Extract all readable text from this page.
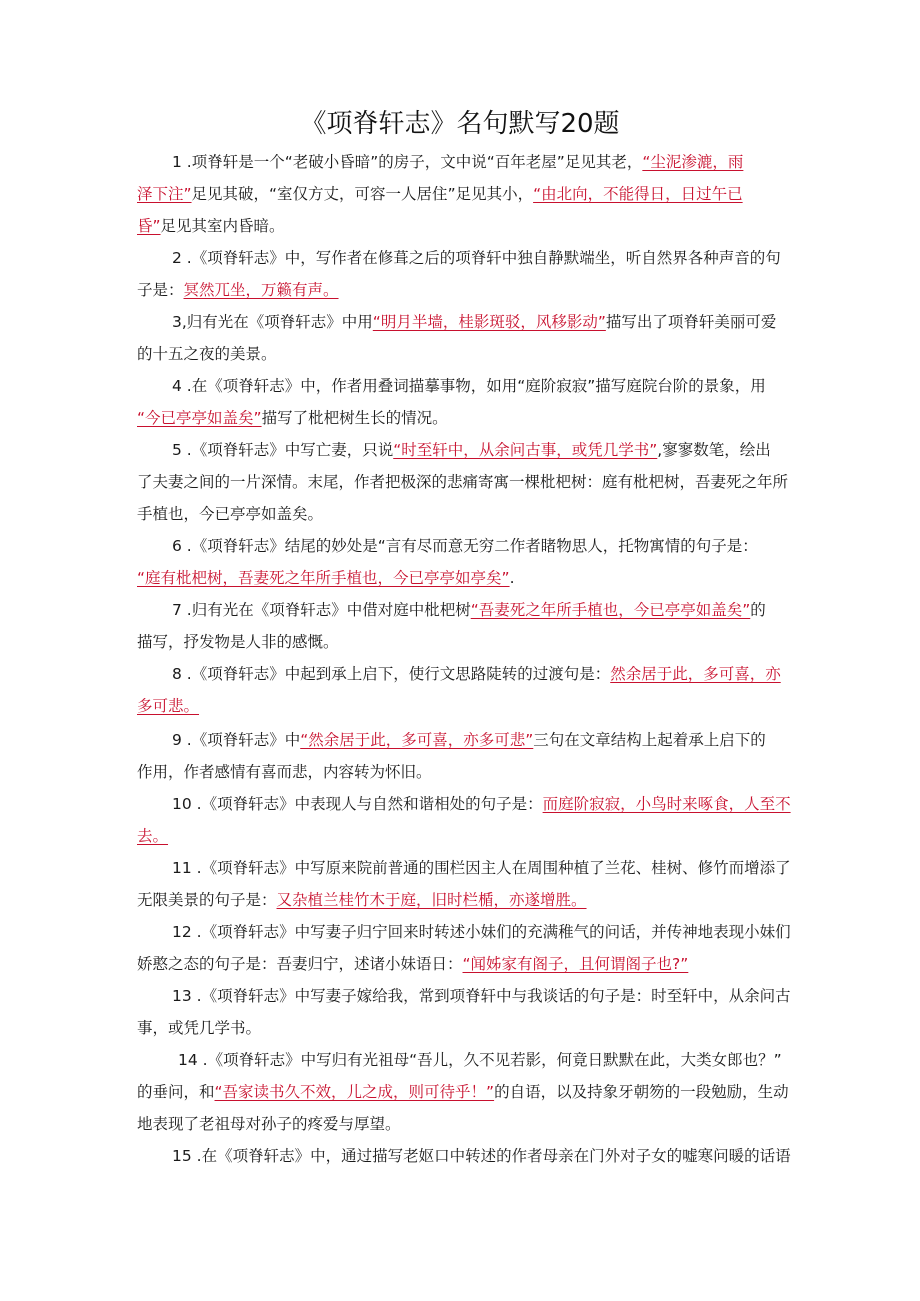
《项脊轩志》名句默写20题
1 .项脊轩是一个“老破小昏暗”的房子，文中说“百年老屋”足见其老，“尘泥渗漉，雨
泽下注”足见其破，“室仅方丈，可容一人居住”足见其小，“由北向，不能得日，日过午已
昏”足见其室内昏暗。
2 .《项脊轩志》中，写作者在修葺之后的项脊轩中独自静默端坐，听自然界各种声音的句
子是：冥然兀坐，万籁有声。
3,归有光在《项脊轩志》中用“明月半墙，桂影斑驳，风移影动”描写出了项脊轩美丽可爱
的十五之夜的美景。
4 .在《项脊轩志》中，作者用叠词描摹事物，如用“庭阶寂寂”描写庭院台阶的景象，用
“今已亭亭如盖矣”描写了枇杷树生长的情况。
5 .《项脊轩志》中写亡妻，只说“时至轩中，从余问古事，或凭几学书”,寥寥数笔，绘出
了夫妻之间的一片深情。末尾，作者把极深的悲痛寄寓一棵枇杷树：庭有枇杷树，吾妻死之年所
手植也，今已亭亭如盖矣。
6 .《项脊轩志》结尾的妙处是“言有尽而意无穷二作者睹物思人，托物寓情的句子是：
“庭有枇杷树，吾妻死之年所手植也，今已亭亭如亭矣”.
7 .归有光在《项脊轩志》中借对庭中枇杷树“吾妻死之年所手植也，今已亭亭如盖矣”的
描写，抒发物是人非的感慨。
8 .《项脊轩志》中起到承上启下，使行文思路陡转的过渡句是：然余居于此，多可喜，亦
多可悲。
9 .《项脊轩志》中“然余居于此，多可喜，亦多可悲”三句在文章结构上起着承上启下的
作用，作者感情有喜而悲，内容转为怀旧。
10 .《项脊轩志》中表现人与自然和谐相处的句子是：而庭阶寂寂，小鸟时来啄食，人至不
去。
11 .《项脊轩志》中写原来院前普通的围栏因主人在周围种植了兰花、桂树、修竹而增添了
无限美景的句子是：又杂植兰桂竹木于庭，旧时栏楯，亦遂增胜。
12 .《项脊轩志》中写妻子归宁回来时转述小妹们的充满稚气的问话，并传神地表现小妹们
娇憨之态的句子是：吾妻归宁，述诸小妹语日：“闻姊家有阁子，且何谓阁子也?”
13 .《项脊轩志》中写妻子嫁给我，常到项脊轩中与我谈话的句子是：时至轩中，从余问古
事，或凭几学书。
14 .《项脊轩志》中写归有光祖母“吾儿，久不见若影，何竟日默默在此，大类女郎也？”
的垂问，和“吾家读书久不效，儿之成，则可待乎！”的自语，以及持象牙朝笏的一段勉励，生动
地表现了老祖母对孙子的疼爱与厚望。
15 .在《项脊轩志》中，通过描写老妪口中转述的作者母亲在门外对子女的嘘寒问暖的话语
